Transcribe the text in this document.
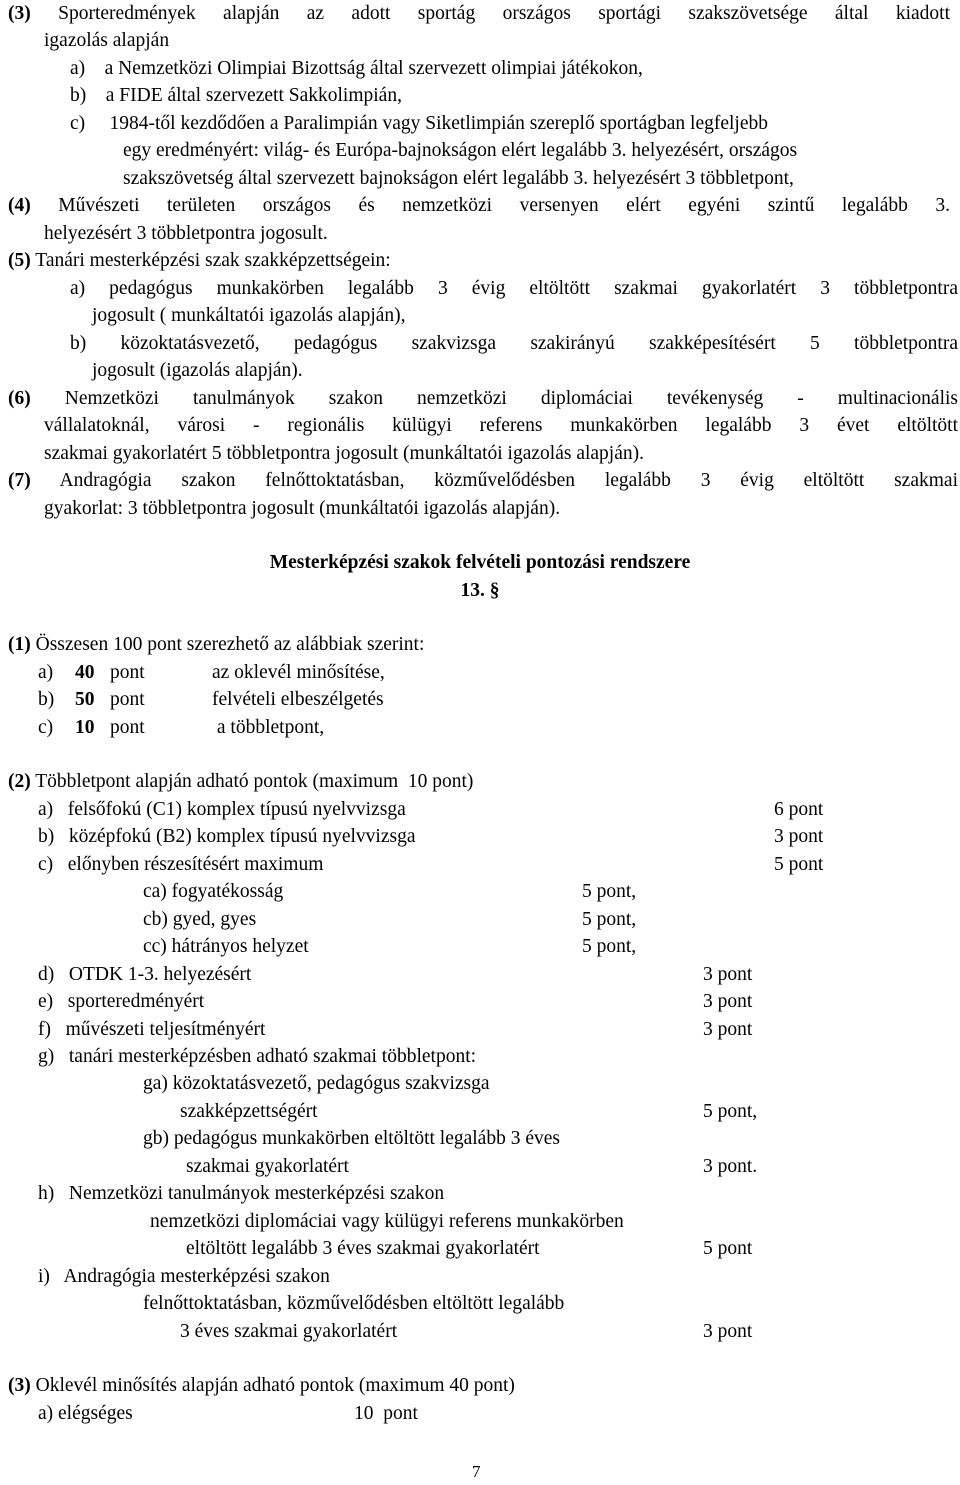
(3) Sporteredmények alapján az adott sportág országos sportági szakszövetsége által kiadott
igazolás alapján
a)    a Nemzetközi Olimpiai Bizottság által szervezett olimpiai játékokon,
b)    a FIDE által szervezett Sakkolimpián,
c)     1984-től kezdődően a Paralimpián vagy Siketlimpián szereplő sportágban legfeljebb
egy eredményért: világ- és Európa-bajnokságon elért legalább 3. helyezésért, országos
szakszövetség által szervezett bajnokságon elért legalább 3. helyezésért 3 többletpont,
(4) Művészeti területen országos és nemzetközi versenyen elért egyéni szintű legalább 3.
helyezésért 3 többletpontra jogosult.
(5) Tanári mesterképzési szak szakképzettségein:
a) pedagógus munkakörben legalább 3 évig eltöltött szakmai gyakorlatért 3 többletpontra
jogosult ( munkáltatói igazolás alapján),
b) közoktatásvezető, pedagógus szakvizsga szakirányú szakképesítésért 5 többletpontra
jogosult (igazolás alapján).
(6) Nemzetközi tanulmányok szakon nemzetközi diplomáciai tevékenység - multinacionális
vállalatoknál, városi - regionális külügyi referens munkakörben legalább 3 évet eltöltött
szakmai gyakorlatért 5 többletpontra jogosult (munkáltatói igazolás alapján).
(7) Andragógia szakon felnőttoktatásban, közművelődésben legalább 3 évig eltöltött szakmai
gyakorlat: 3 többletpontra jogosult (munkáltatói igazolás alapján).
Mesterképzési szakok felvételi pontozási rendszere
13. §
(1) Összesen 100 pont szerezhető az alábbiak szerint:
a) 40 pont	az oklevél minősítése,
b) 50 pont	felvételi elbeszélgetés
c) 10 pont	a többletpont,
(2) Többletpont alapján adható pontok (maximum  10 pont)
a)   felsőfokú (C1) komplex típusú nyelvvizsga	6 pont
b)   középfokú (B2) komplex típusú nyelvvizsga	3 pont
c)   előnyben részesítésért maximum	5 pont
ca) fogyatékosság	5 pont,
cb) gyed, gyes	5 pont,
cc) hátrányos helyzet	5 pont,
d)   OTDK 1-3. helyezésért	3 pont
e)   sporteredményért	3 pont
f)   művészeti teljesítményért	3 pont
g)   tanári mesterképzésben adható szakmai többletpont:
ga) közoktatásvezető, pedagógus szakvizsga
szakképzettségért	5 pont,
gb) pedagógus munkakörben eltöltött legalább 3 éves
szakmai gyakorlatért	3 pont.
h)   Nemzetközi tanulmányok mesterképzési szakon
nemzetközi diplomáciai vagy külügyi referens munkakörben
eltöltött legalább 3 éves szakmai gyakorlatért	5 pont
i)   Andragógia mesterképzési szakon
felnőttoktatásban, közművelődésben eltöltött legalább
3 éves szakmai gyakorlatért	3 pont
(3) Oklevél minősítés alapján adható pontok (maximum 40 pont)
a) elégséges	10  pont
7
